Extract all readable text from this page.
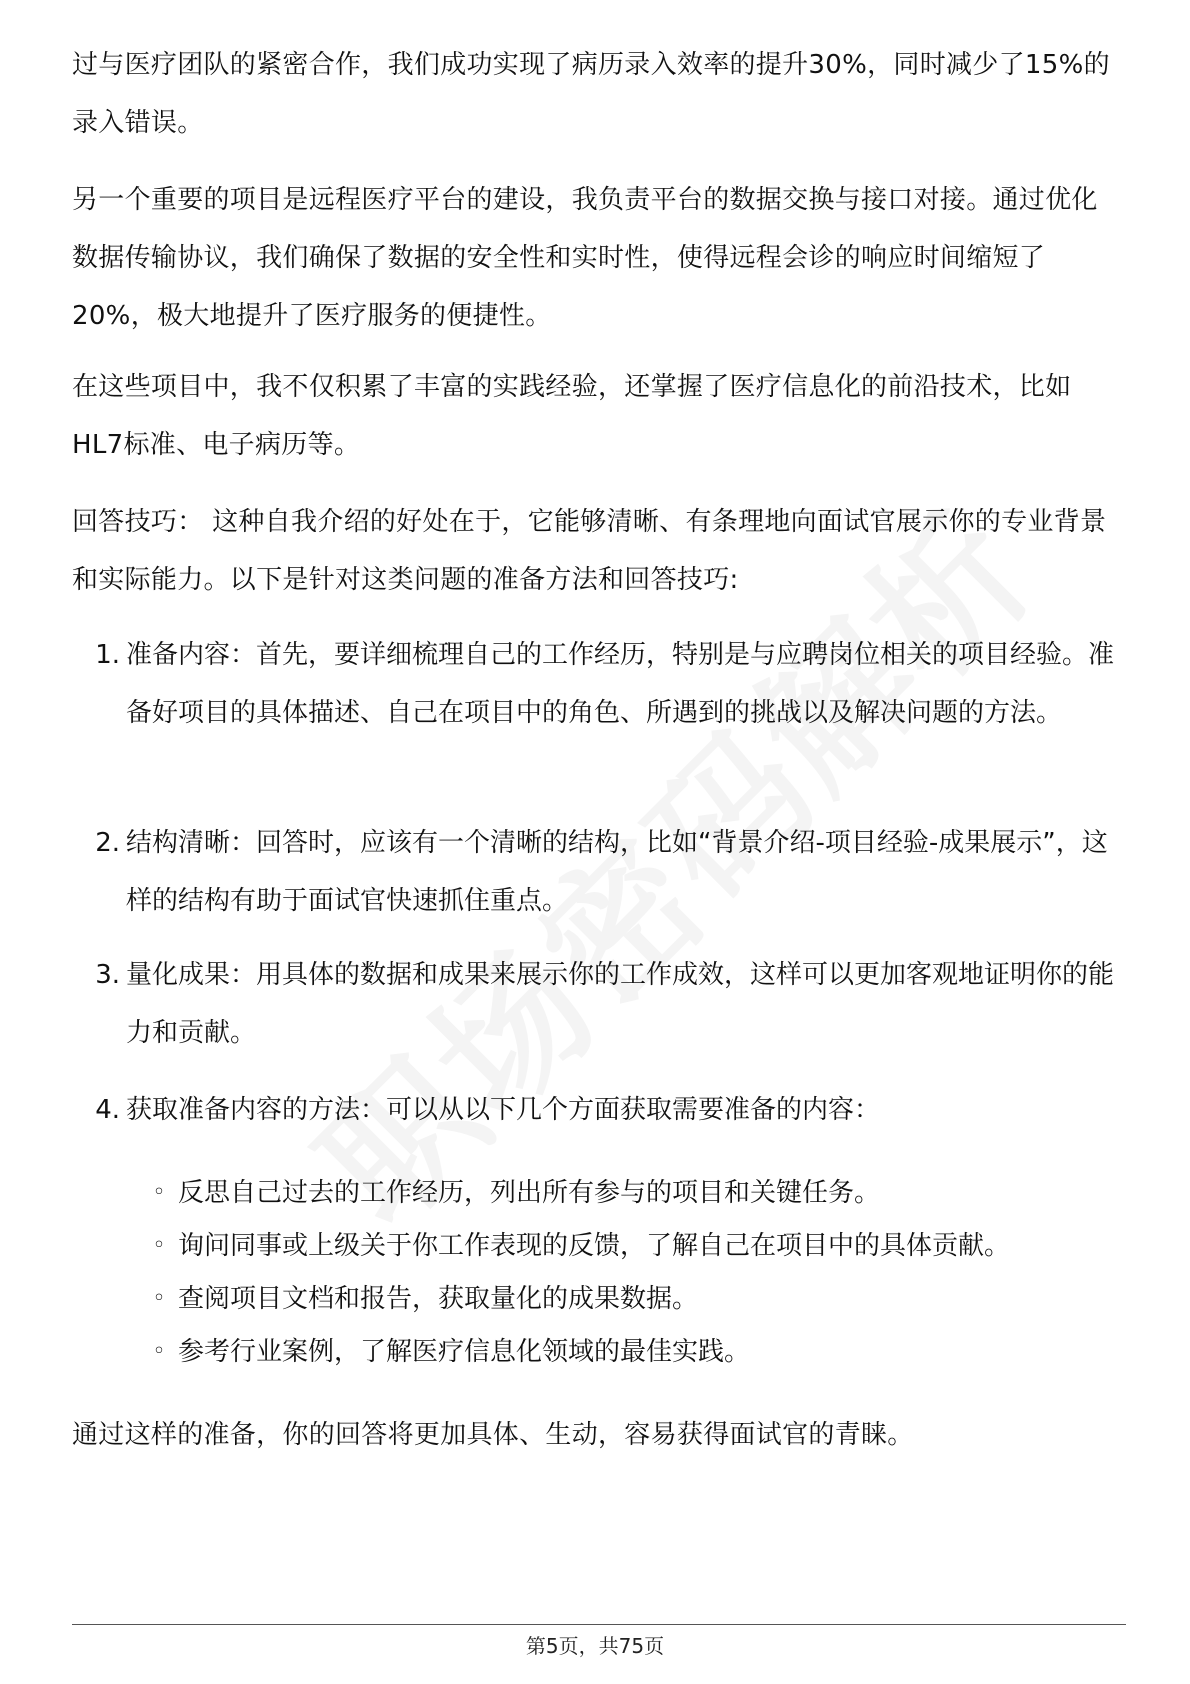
过与医疗团队的紧密合作，我们成功实现了病历录入效率的提升30%，同时减少了15%的录入错误。

另一个重要的项目是远程医疗平台的建设，我负责平台的数据交换与接口对接。通过优化数据传输协议，我们确保了数据的安全性和实时性，使得远程会诊的响应时间缩短了20%，极大地提升了医疗服务的便捷性。

在这些项目中，我不仅积累了丰富的实践经验，还掌握了医疗信息化的前沿技术，比如HL7标准、电子病历等。

回答技巧： 这种自我介绍的好处在于，它能够清晰、有条理地向面试官展示你的专业背景和实际能力。以下是针对这类问题的准备方法和回答技巧:

1. 准备内容：首先，要详细梳理自己的工作经历，特别是与应聘岗位相关的项目经验。准备好项目的具体描述、自己在项目中的角色、所遇到的挑战以及解决问题的方法。
2. 结构清晰：回答时，应该有一个清晰的结构，比如“背景介绍-项目经验-成果展示”，这样的结构有助于面试官快速抓住重点。
3. 量化成果：用具体的数据和成果来展示你的工作成效，这样可以更加客观地证明你的能力和贡献。
4. 获取准备内容的方法：可以从以下几个方面获取需要准备的内容：
◦ 反思自己过去的工作经历，列出所有参与的项目和关键任务。
◦ 询问同事或上级关于你工作表现的反馈，了解自己在项目中的具体贡献。
◦ 查阅项目文档和报告，获取量化的成果数据。
◦ 参考行业案例，了解医疗信息化领域的最佳实践。

通过这样的准备，你的回答将更加具体、生动，容易获得面试官的青睐。

第5页，共75页
